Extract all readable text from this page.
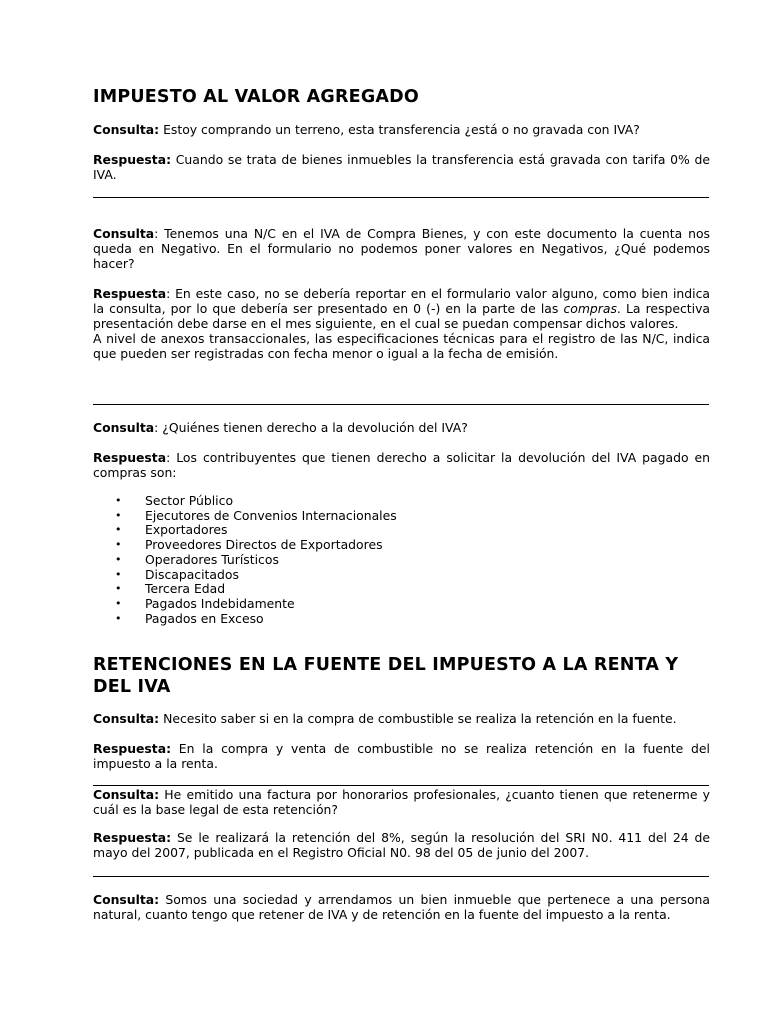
IMPUESTO AL VALOR AGREGADO

Consulta: Estoy comprando un terreno, esta transferencia ¿está o no gravada con IVA?

Respuesta: Cuando se trata de bienes inmuebles la transferencia está gravada con tarifa 0% de IVA.

Consulta: Tenemos una N/C en el IVA de Compra Bienes, y con este documento la cuenta nos queda en Negativo. En el formulario no podemos poner valores en Negativos, ¿Qué podemos hacer?

Respuesta: En este caso, no se debería reportar en el formulario valor alguno, como bien indica la consulta, por lo que debería ser presentado en 0 (-) en la parte de las compras. La respectiva presentación debe darse en el mes siguiente, en el cual se puedan compensar dichos valores.
A nivel de anexos transaccionales, las especificaciones técnicas para el registro de las N/C, indica que pueden ser registradas con fecha menor o igual a la fecha de emisión.

Consulta: ¿Quiénes tienen derecho a la devolución del IVA?

Respuesta: Los contribuyentes que tienen derecho a solicitar la devolución del IVA pagado en compras son:

• Sector Público
• Ejecutores de Convenios Internacionales
• Exportadores
• Proveedores Directos de Exportadores
• Operadores Turísticos
• Discapacitados
• Tercera Edad
• Pagados Indebidamente
• Pagados en Exceso
RETENCIONES EN LA FUENTE DEL IMPUESTO A LA RENTA Y DEL IVA

Consulta: Necesito saber si en la compra de combustible se realiza la retención en la fuente.

Respuesta: En la compra y venta de combustible no se realiza retención en la fuente del impuesto a la renta.

Consulta: He emitido una factura por honorarios profesionales, ¿cuanto tienen que retenerme y cuál es la base legal de esta retención?

Respuesta: Se le realizará la retención del 8%, según la resolución del SRI N0. 411 del 24 de mayo del 2007, publicada en el Registro Oficial N0. 98 del 05 de junio del 2007.

Consulta: Somos una sociedad y arrendamos un bien inmueble que pertenece a una persona natural, cuanto tengo que retener de IVA y de retención en la fuente del impuesto a la renta.
